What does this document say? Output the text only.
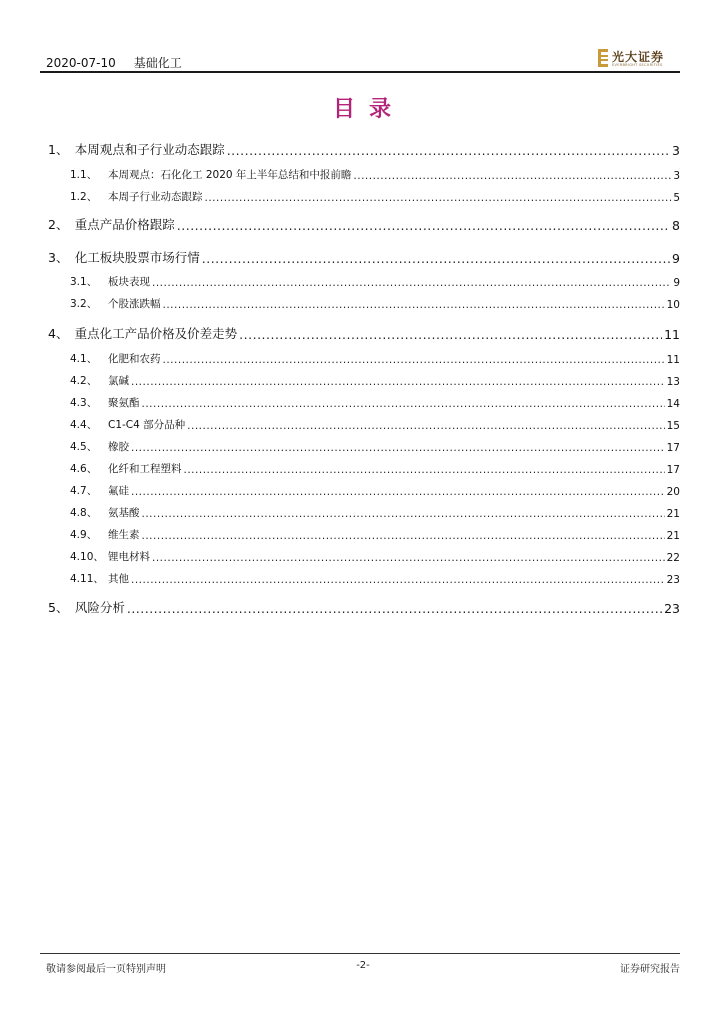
2020-07-10 基础化工	光大证券
EVERBRIGHT SECURITIES
目录
1、 本周观点和子行业动态跟踪 .....	3
1.1、	本周观点：石化化工 2020 年上半年总结和中报前瞻 .....	3
1.2、	本周子行业动态跟踪 .....	5
2、 重点产品价格跟踪 .....	8
3、 化工板块股票市场行情 .....	9
3.1、	板块表现 .....	9
3.2、	个股涨跌幅 .....	10
4、 重点化工产品价格及价差走势 .....	11
4.1、	化肥和农药 .....	11
4.2、	氯碱 .....	13
4.3、	聚氨酯 .....	14
4.4、	C1-C4 部分品种 .....	15
4.5、	橡胶 .....	17
4.6、	化纤和工程塑料 .....	17
4.7、	氟硅 .....	20
4.8、	氨基酸 .....	21
4.9、	维生素 .....	21
4.10、 锂电材料 .....	22
4.11、 其他 .....	23
5、 风险分析 .....	23
敬请参阅最后一页特别声明	-2-	证券研究报告
